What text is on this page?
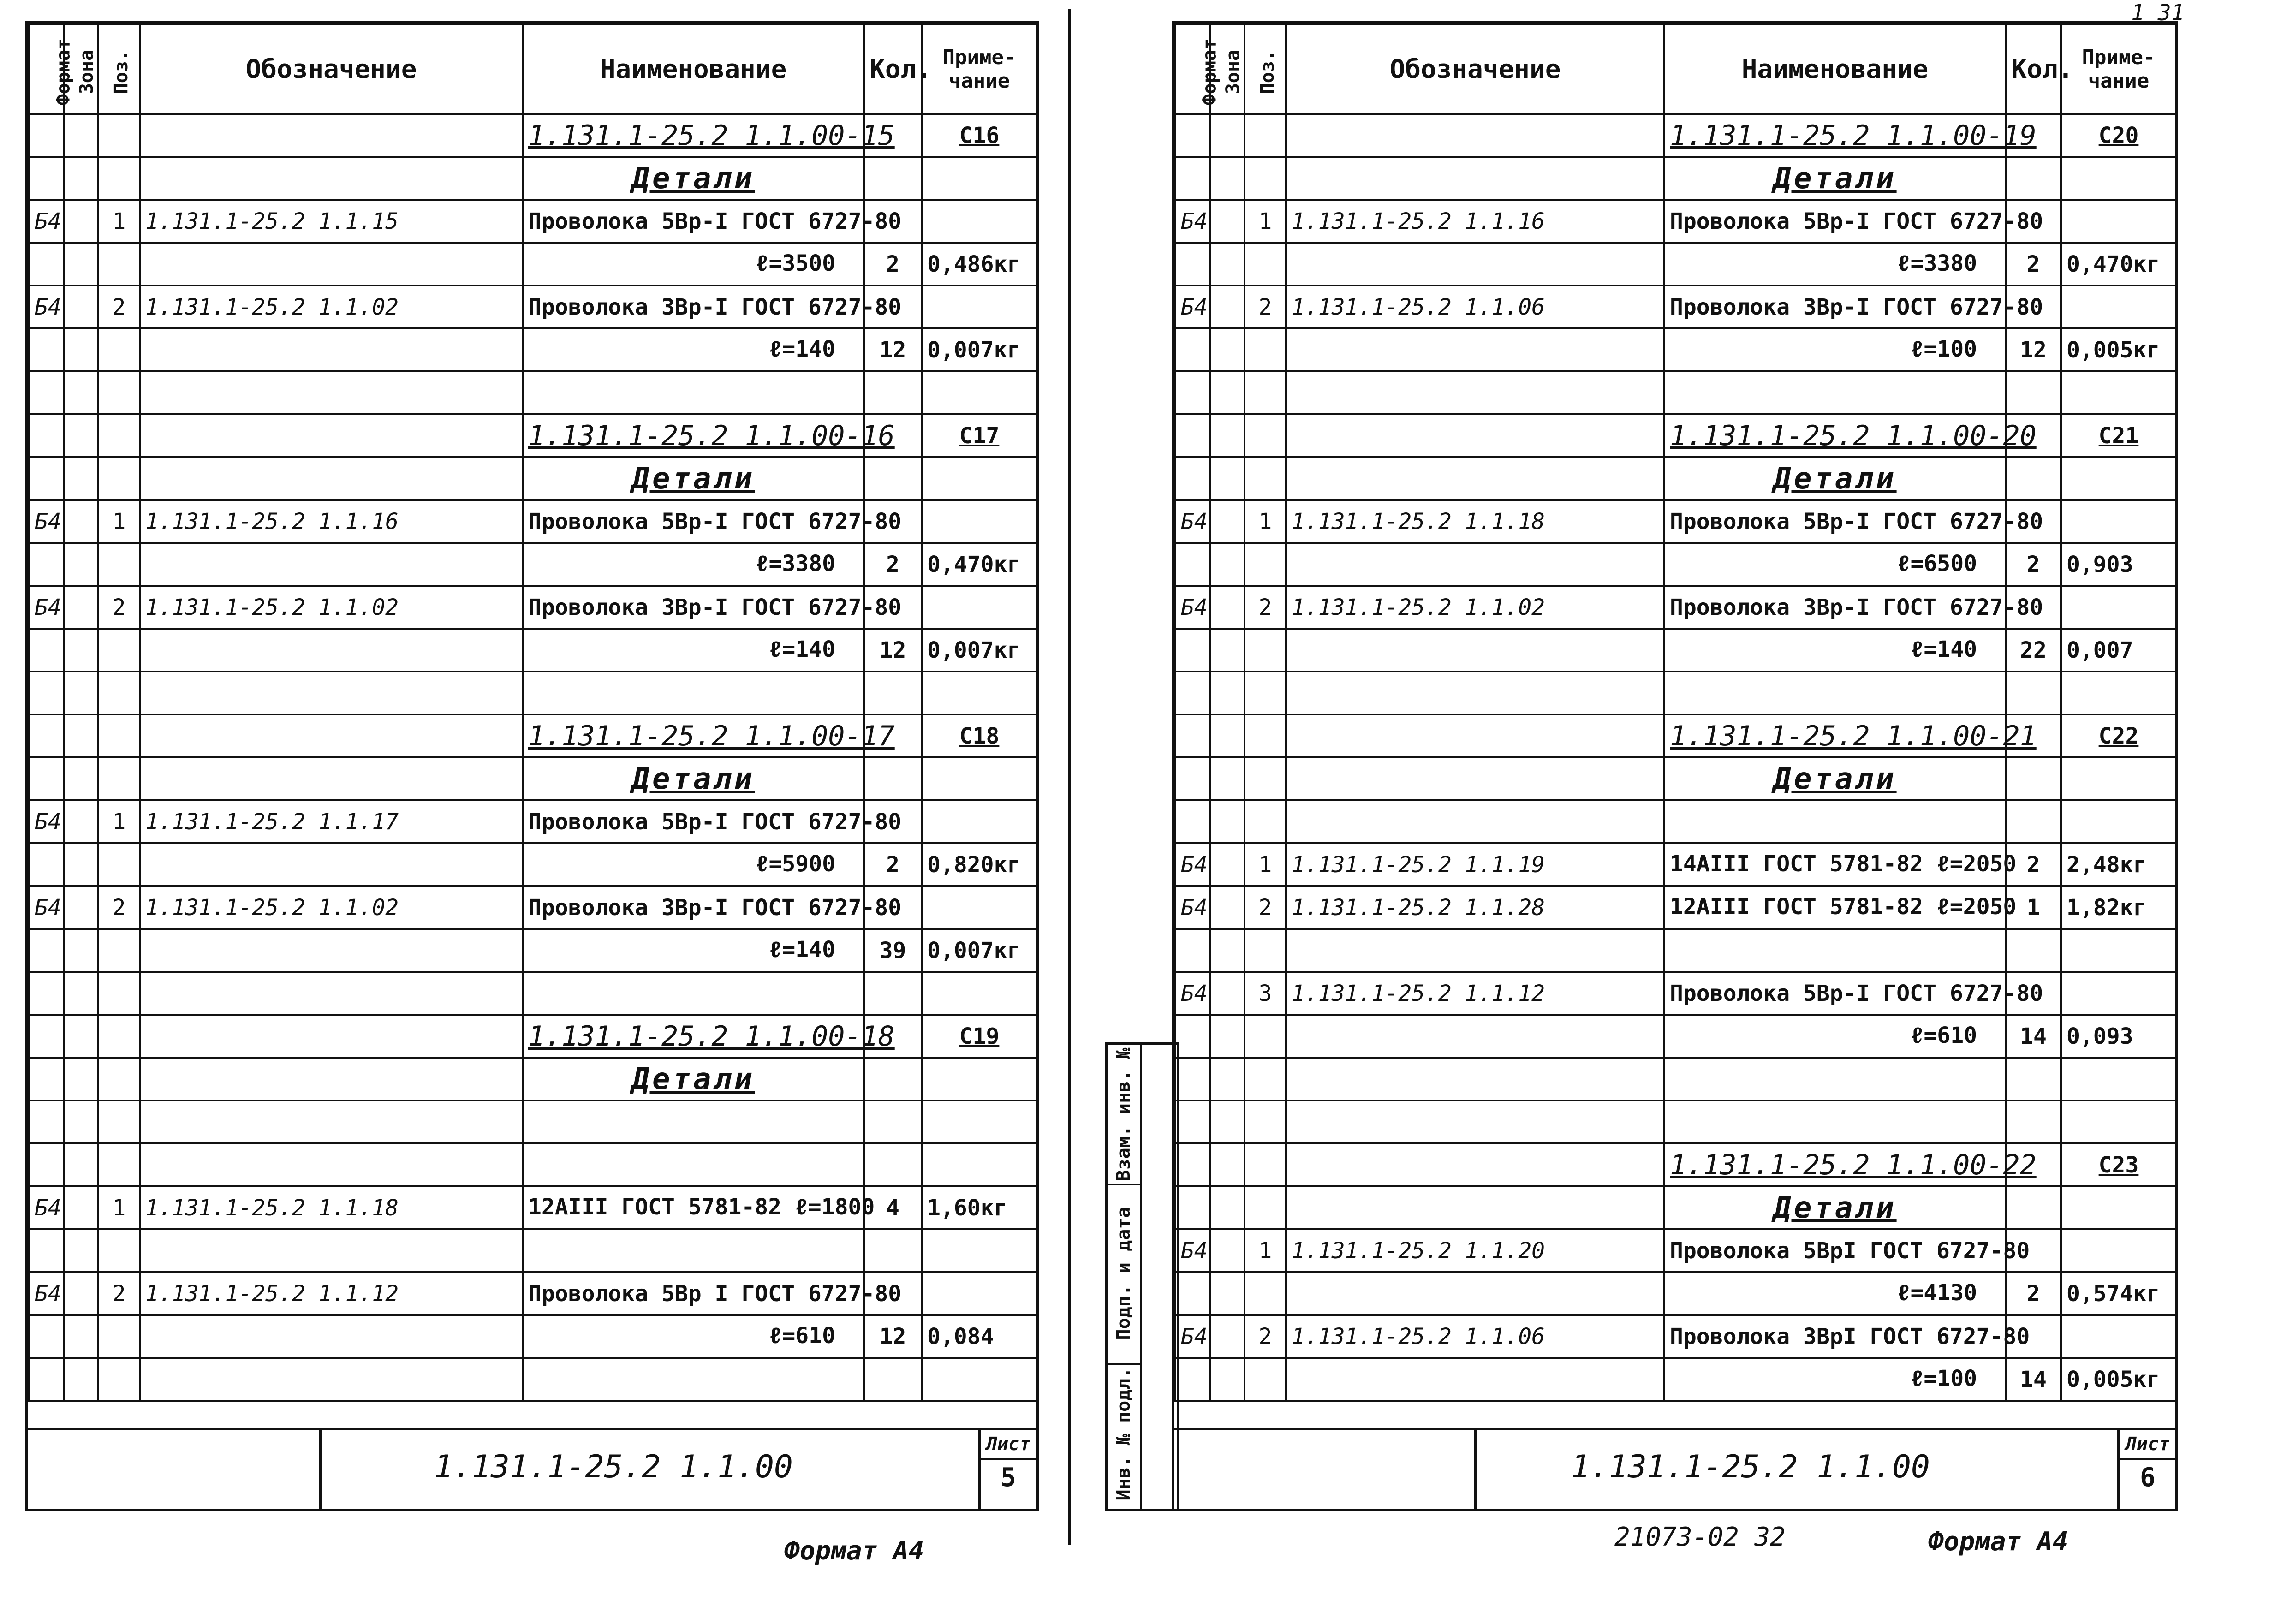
Формат	Зона	Поз.	Обозначение	Наименование	Кол.	Приме-чание
				1.131.1-25.2 1.1.00-15		С16
				Детали		
Б4		1	1.131.1-25.2 1.1.15	Проволока 5Вр-I ГОСТ 6727-80		
				ℓ=3500	2	0,486кг
Б4		2	1.131.1-25.2 1.1.02	Проволока 3Вр-I ГОСТ 6727-80		
				ℓ=140	12	0,007кг

				1.131.1-25.2 1.1.00-16		С17
				Детали		
Б4		1	1.131.1-25.2 1.1.16	Проволока 5Вр-I ГОСТ 6727-80		
				ℓ=3380	2	0,470кг
Б4		2	1.131.1-25.2 1.1.02	Проволока 3Вр-I ГОСТ 6727-80		
				ℓ=140	12	0,007кг

				1.131.1-25.2 1.1.00-17		С18
				Детали		
Б4		1	1.131.1-25.2 1.1.17	Проволока 5Вр-I ГОСТ 6727-80		
				ℓ=5900	2	0,820кг
Б4		2	1.131.1-25.2 1.1.02	Проволока 3Вр-I ГОСТ 6727-80		
				ℓ=140	39	0,007кг

				1.131.1-25.2 1.1.00-18		С19
				Детали		

Б4		1	1.131.1-25.2 1.1.18	12АIII ГОСТ 5781-82 ℓ=1800	4	1,60кг

Б4		2	1.131.1-25.2 1.1.12	Проволока 5Вр I ГОСТ 6727-80		
				ℓ=610	12	0,084

1.131.1-25.2 1.1.00
Лист
5
Формат А4
Взам. инв. №
Подп. и дата
Инв. № подл.
Формат	Зона	Поз.	Обозначение	Наименование	Кол.	Приме-чание
				1.131.1-25.2 1.1.00-19		С20
				Детали		
Б4		1	1.131.1-25.2 1.1.16	Проволока 5Вр-I ГОСТ 6727-80		
				ℓ=3380	2	0,470кг
Б4		2	1.131.1-25.2 1.1.06	Проволока 3Вр-I ГОСТ 6727-80		
				ℓ=100	12	0,005кг

				1.131.1-25.2 1.1.00-20		С21
				Детали		
Б4		1	1.131.1-25.2 1.1.18	Проволока 5Вр-I ГОСТ 6727-80		
				ℓ=6500	2	0,903
Б4		2	1.131.1-25.2 1.1.02	Проволока 3Вр-I ГОСТ 6727-80		
				ℓ=140	22	0,007

				1.131.1-25.2 1.1.00-21		С22
				Детали		

Б4		1	1.131.1-25.2 1.1.19	14АIII ГОСТ 5781-82 ℓ=2050	2	2,48кг
Б4		2	1.131.1-25.2 1.1.28	12АIII ГОСТ 5781-82 ℓ=2050	1	1,82кг

Б4		3	1.131.1-25.2 1.1.12	Проволока 5Вр-I ГОСТ 6727-80		
				ℓ=610	14	0,093

				1.131.1-25.2 1.1.00-22		С23
				Детали		
Б4		1	1.131.1-25.2 1.1.20	Проволока 5ВрI ГОСТ 6727-80		
				ℓ=4130	2	0,574кг
Б4		2	1.131.1-25.2 1.1.06	Проволока 3ВрI ГОСТ 6727-80		
				ℓ=100	14	0,005кг
1.131.1-25.2 1.1.00
Лист
6
1 31
21073-02 32	Формат А4
